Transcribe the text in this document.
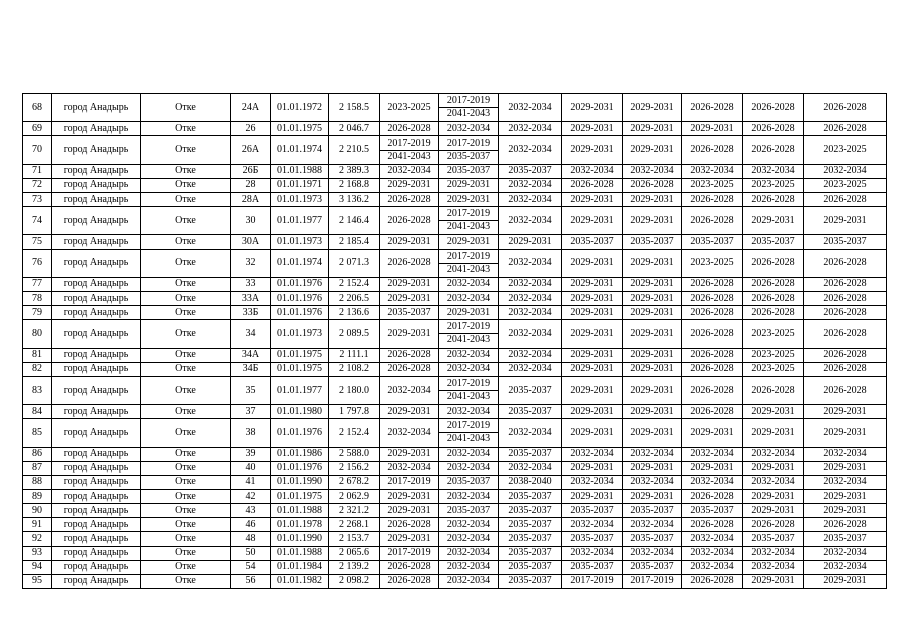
68	город Анадырь	Отке	24А	01.01.1972	2 158.5	2023-2025	2017-2019
2041-2043	2032-2034	2029-2031	2029-2031	2026-2028	2026-2028	2026-2028
69	город Анадырь	Отке	26	01.01.1975	2 046.7	2026-2028	2032-2034	2032-2034	2029-2031	2029-2031	2029-2031	2026-2028	2026-2028
70	город Анадырь	Отке	26А	01.01.1974	2 210.5	2017-2019
2041-2043	2017-2019
2035-2037	2032-2034	2029-2031	2029-2031	2026-2028	2026-2028	2023-2025
71	город Анадырь	Отке	26Б	01.01.1988	2 389.3	2032-2034	2035-2037	2035-2037	2032-2034	2032-2034	2032-2034	2032-2034	2032-2034
72	город Анадырь	Отке	28	01.01.1971	2 168.8	2029-2031	2029-2031	2032-2034	2026-2028	2026-2028	2023-2025	2023-2025	2023-2025
73	город Анадырь	Отке	28А	01.01.1973	3 136.2	2026-2028	2029-2031	2032-2034	2029-2031	2029-2031	2026-2028	2026-2028	2026-2028
74	город Анадырь	Отке	30	01.01.1977	2 146.4	2026-2028	2017-2019
2041-2043	2032-2034	2029-2031	2029-2031	2026-2028	2029-2031	2029-2031
75	город Анадырь	Отке	30А	01.01.1973	2 185.4	2029-2031	2029-2031	2029-2031	2035-2037	2035-2037	2035-2037	2035-2037	2035-2037
76	город Анадырь	Отке	32	01.01.1974	2 071.3	2026-2028	2017-2019
2041-2043	2032-2034	2029-2031	2029-2031	2023-2025	2026-2028	2026-2028
77	город Анадырь	Отке	33	01.01.1976	2 152.4	2029-2031	2032-2034	2032-2034	2029-2031	2029-2031	2026-2028	2026-2028	2026-2028
78	город Анадырь	Отке	33А	01.01.1976	2 206.5	2029-2031	2032-2034	2032-2034	2029-2031	2029-2031	2026-2028	2026-2028	2026-2028
79	город Анадырь	Отке	33Б	01.01.1976	2 136.6	2035-2037	2029-2031	2032-2034	2029-2031	2029-2031	2026-2028	2026-2028	2026-2028
80	город Анадырь	Отке	34	01.01.1973	2 089.5	2029-2031	2017-2019
2041-2043	2032-2034	2029-2031	2029-2031	2026-2028	2023-2025	2026-2028
81	город Анадырь	Отке	34А	01.01.1975	2 111.1	2026-2028	2032-2034	2032-2034	2029-2031	2029-2031	2026-2028	2023-2025	2026-2028
82	город Анадырь	Отке	34Б	01.01.1975	2 108.2	2026-2028	2032-2034	2032-2034	2029-2031	2029-2031	2026-2028	2023-2025	2026-2028
83	город Анадырь	Отке	35	01.01.1977	2 180.0	2032-2034	2017-2019
2041-2043	2035-2037	2029-2031	2029-2031	2026-2028	2026-2028	2026-2028
84	город Анадырь	Отке	37	01.01.1980	1 797.8	2029-2031	2032-2034	2035-2037	2029-2031	2029-2031	2026-2028	2029-2031	2029-2031
85	город Анадырь	Отке	38	01.01.1976	2 152.4	2032-2034	2017-2019
2041-2043	2032-2034	2029-2031	2029-2031	2029-2031	2029-2031	2029-2031
86	город Анадырь	Отке	39	01.01.1986	2 588.0	2029-2031	2032-2034	2035-2037	2032-2034	2032-2034	2032-2034	2032-2034	2032-2034
87	город Анадырь	Отке	40	01.01.1976	2 156.2	2032-2034	2032-2034	2032-2034	2029-2031	2029-2031	2029-2031	2029-2031	2029-2031
88	город Анадырь	Отке	41	01.01.1990	2 678.2	2017-2019	2035-2037	2038-2040	2032-2034	2032-2034	2032-2034	2032-2034	2032-2034
89	город Анадырь	Отке	42	01.01.1975	2 062.9	2029-2031	2032-2034	2035-2037	2029-2031	2029-2031	2026-2028	2029-2031	2029-2031
90	город Анадырь	Отке	43	01.01.1988	2 321.2	2029-2031	2035-2037	2035-2037	2035-2037	2035-2037	2035-2037	2029-2031	2029-2031
91	город Анадырь	Отке	46	01.01.1978	2 268.1	2026-2028	2032-2034	2035-2037	2032-2034	2032-2034	2026-2028	2026-2028	2026-2028
92	город Анадырь	Отке	48	01.01.1990	2 153.7	2029-2031	2032-2034	2035-2037	2035-2037	2035-2037	2032-2034	2035-2037	2035-2037
93	город Анадырь	Отке	50	01.01.1988	2 065.6	2017-2019	2032-2034	2035-2037	2032-2034	2032-2034	2032-2034	2032-2034	2032-2034
94	город Анадырь	Отке	54	01.01.1984	2 139.2	2026-2028	2032-2034	2035-2037	2035-2037	2035-2037	2032-2034	2032-2034	2032-2034
95	город Анадырь	Отке	56	01.01.1982	2 098.2	2026-2028	2032-2034	2035-2037	2017-2019	2017-2019	2026-2028	2029-2031	2029-2031
